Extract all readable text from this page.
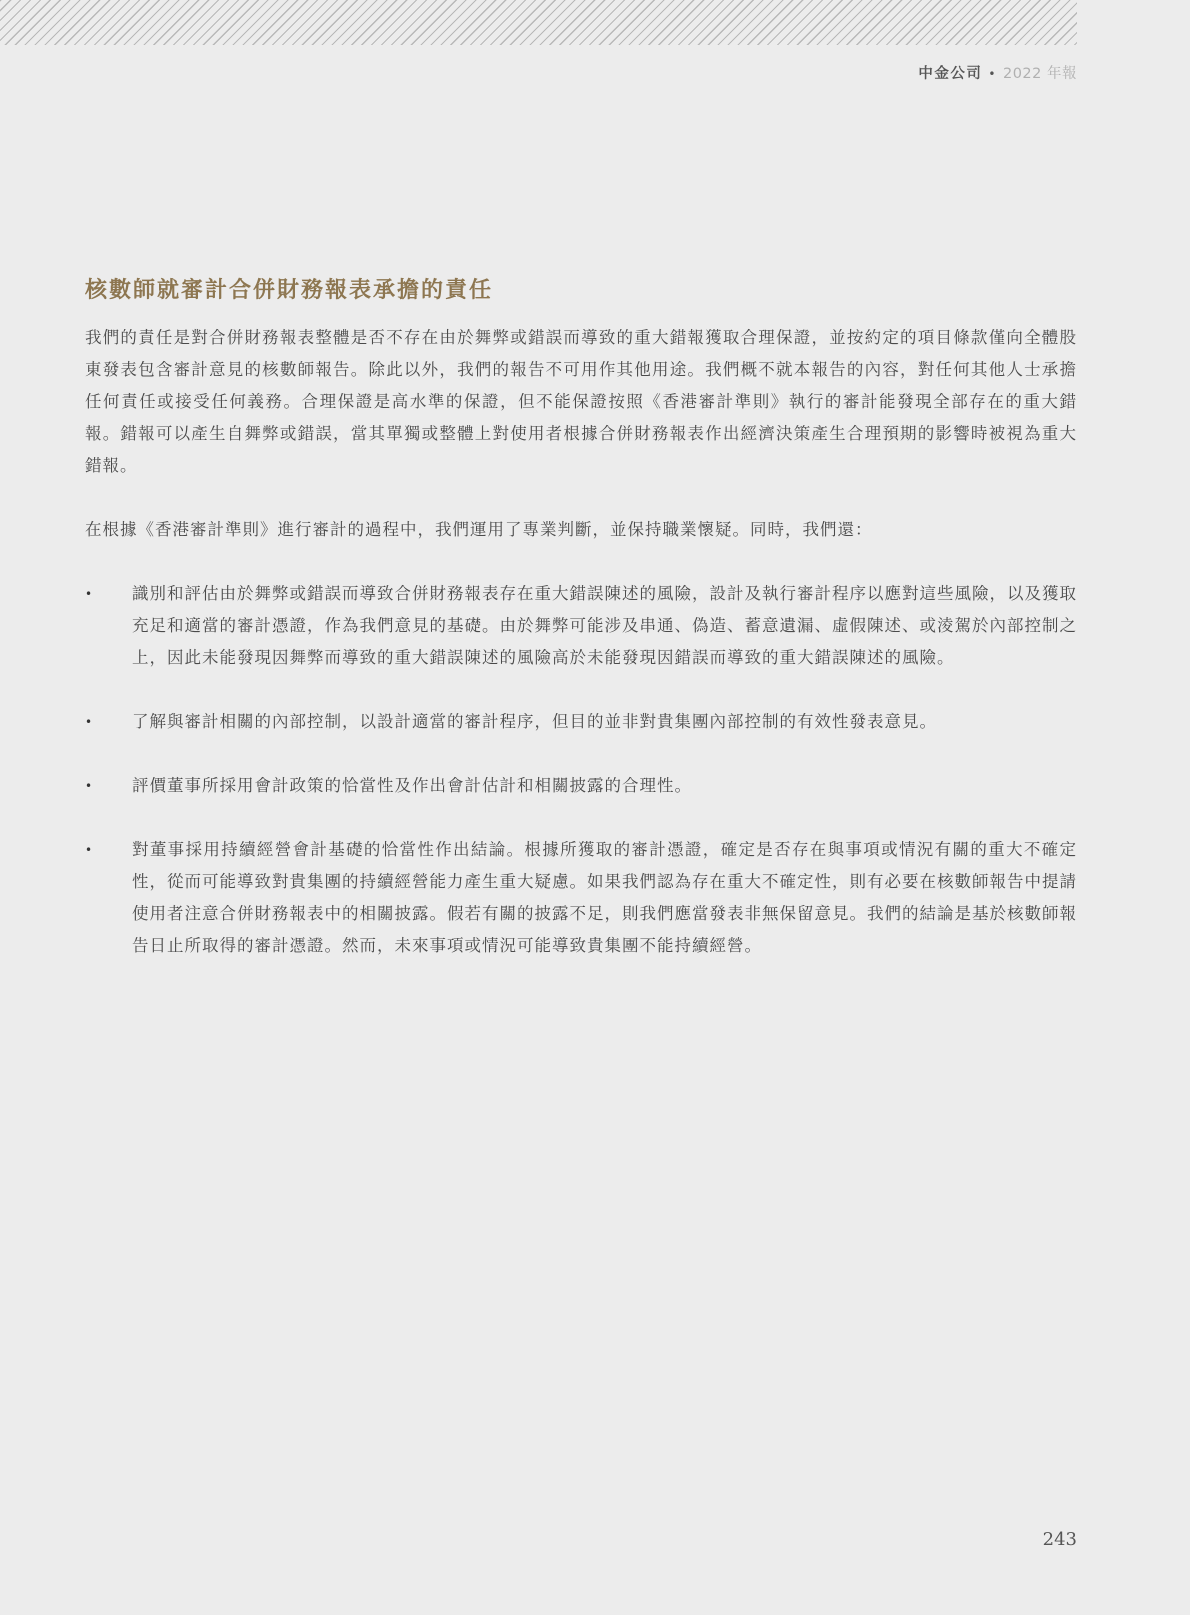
中金公司 • 2022 年報
核數師就審計合併財務報表承擔的責任

我們的責任是對合併財務報表整體是否不存在由於舞弊或錯誤而導致的重大錯報獲取合理保證，並按約定的項目條款僅向全體股東發表包含審計意見的核數師報告。除此以外，我們的報告不可用作其他用途。我們概不就本報告的內容，對任何其他人士承擔任何責任或接受任何義務。合理保證是高水準的保證，但不能保證按照《香港審計準則》執行的審計能發現全部存在的重大錯報。錯報可以產生自舞弊或錯誤，當其單獨或整體上對使用者根據合併財務報表作出經濟決策產生合理預期的影響時被視為重大錯報。

在根據《香港審計準則》進行審計的過程中，我們運用了專業判斷，並保持職業懷疑。同時，我們還：

• 識別和評估由於舞弊或錯誤而導致合併財務報表存在重大錯誤陳述的風險，設計及執行審計程序以應對這些風險，以及獲取充足和適當的審計憑證，作為我們意見的基礎。由於舞弊可能涉及串通、偽造、蓄意遺漏、虛假陳述、或淩駕於內部控制之上，因此未能發現因舞弊而導致的重大錯誤陳述的風險高於未能發現因錯誤而導致的重大錯誤陳述的風險。
• 了解與審計相關的內部控制，以設計適當的審計程序，但目的並非對貴集團內部控制的有效性發表意見。
• 評價董事所採用會計政策的恰當性及作出會計估計和相關披露的合理性。
• 對董事採用持續經營會計基礎的恰當性作出結論。根據所獲取的審計憑證，確定是否存在與事項或情況有關的重大不確定性，從而可能導致對貴集團的持續經營能力產生重大疑慮。如果我們認為存在重大不確定性，則有必要在核數師報告中提請使用者注意合併財務報表中的相關披露。假若有關的披露不足，則我們應當發表非無保留意見。我們的結論是基於核數師報告日止所取得的審計憑證。然而，未來事項或情況可能導致貴集團不能持續經營。
243
